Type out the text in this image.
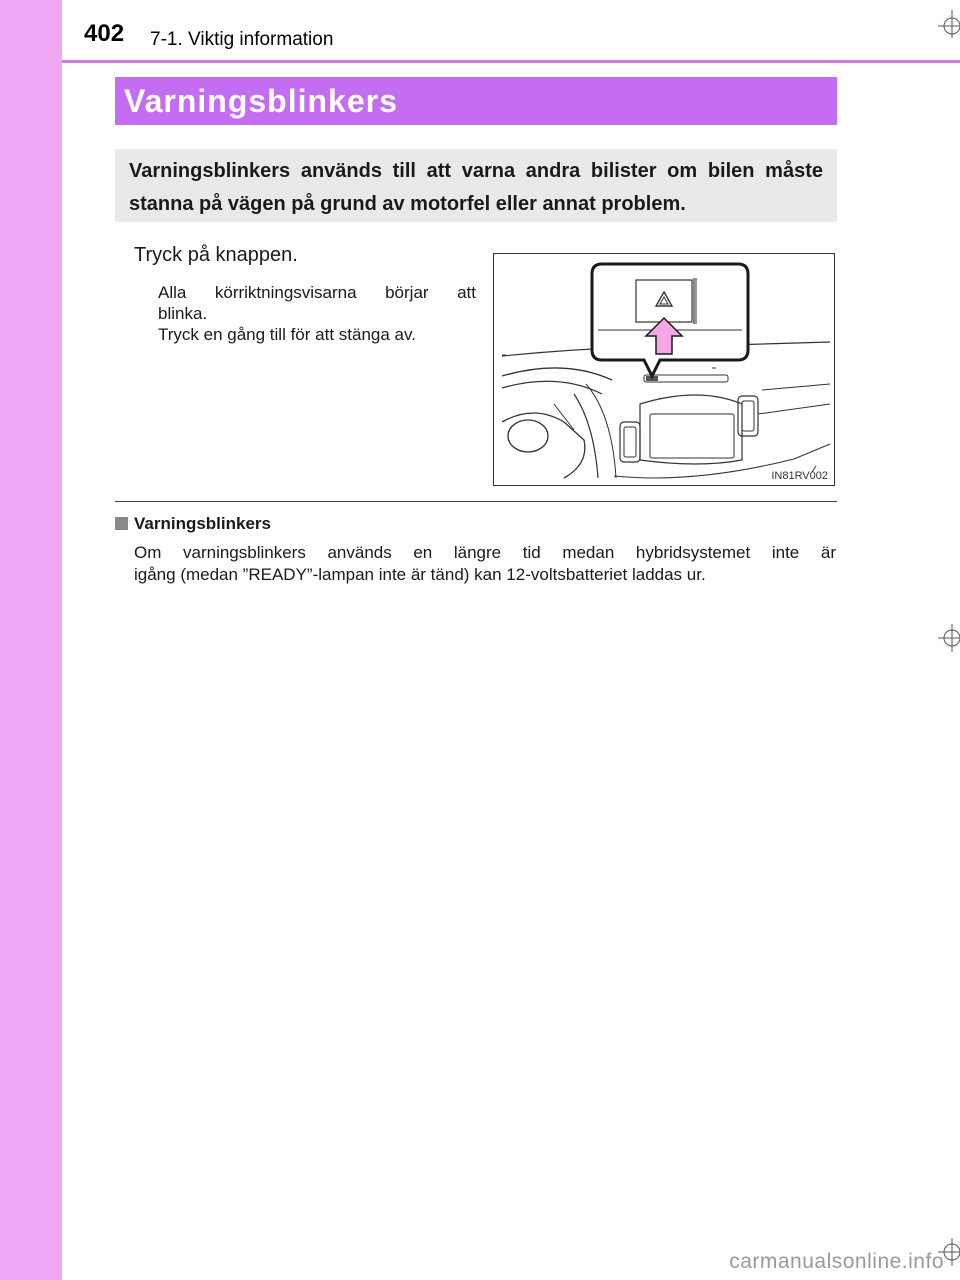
402 7-1. Viktig information
Varningsblinkers
Varningsblinkers används till att varna andra bilister om bilen måste stanna på vägen på grund av motorfel eller annat problem.
Tryck på knappen.
Alla körriktningsvisarna börjar att
blinka.
Tryck en gång till för att stänga av.
IN81RV002
Varningsblinkers
Om varningsblinkers används en längre tid medan hybridsystemet inte är
igång (medan ”READY”-lampan inte är tänd) kan 12-voltsbatteriet laddas ur.
carmanualsonline.info
